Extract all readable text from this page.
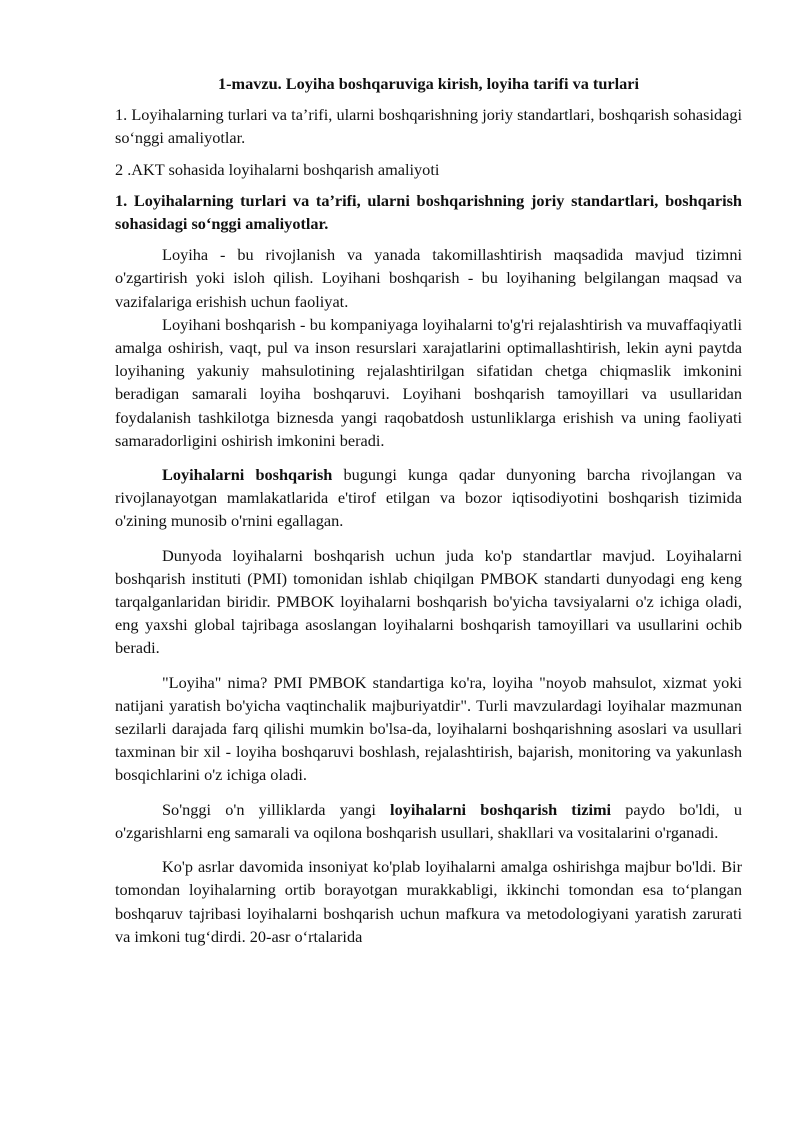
1-mavzu. Loyiha boshqaruviga kirish, loyiha tarifi va turlari
1. Loyihalarning turlari va ta’rifi, ularni boshqarishning joriy standartlari, boshqarish sohasidagi so‘nggi amaliyotlar.
2 .AKT sohasida loyihalarni boshqarish amaliyoti
1. Loyihalarning turlari va ta’rifi, ularni boshqarishning joriy standartlari, boshqarish sohasidagi so‘nggi amaliyotlar.

Loyiha - bu rivojlanish va yanada takomillashtirish maqsadida mavjud tizimni o'zgartirish yoki isloh qilish. Loyihani boshqarish - bu loyihaning belgilangan maqsad va vazifalariga erishish uchun faoliyat.

Loyihani boshqarish - bu kompaniyaga loyihalarni to'g'ri rejalashtirish va muvaffaqiyatli amalga oshirish, vaqt, pul va inson resurslari xarajatlarini optimallashtirish, lekin ayni paytda loyihaning yakuniy mahsulotining rejalashtirilgan sifatidan chetga chiqmaslik imkonini beradigan samarali loyiha boshqaruvi. Loyihani boshqarish tamoyillari va usullaridan foydalanish tashkilotga biznesda yangi raqobatdosh ustunliklarga erishish va uning faoliyati samaradorligini oshirish imkonini beradi.

Loyihalarni boshqarish bugungi kunga qadar dunyoning barcha rivojlangan va rivojlanayotgan mamlakatlarida e'tirof etilgan va bozor iqtisodiyotini boshqarish tizimida o'zining munosib o'rnini egallagan.

Dunyoda loyihalarni boshqarish uchun juda ko'p standartlar mavjud. Loyihalarni boshqarish instituti (PMI) tomonidan ishlab chiqilgan PMBOK standarti dunyodagi eng keng tarqalganlaridan biridir. PMBOK loyihalarni boshqarish bo'yicha tavsiyalarni o'z ichiga oladi, eng yaxshi global tajribaga asoslangan loyihalarni boshqarish tamoyillari va usullarini ochib beradi.

"Loyiha" nima? PMI PMBOK standartiga ko'ra, loyiha "noyob mahsulot, xizmat yoki natijani yaratish bo'yicha vaqtinchalik majburiyatdir". Turli mavzulardagi loyihalar mazmunan sezilarli darajada farq qilishi mumkin bo'lsa-da, loyihalarni boshqarishning asoslari va usullari taxminan bir xil - loyiha boshqaruvi boshlash, rejalashtirish, bajarish, monitoring va yakunlash bosqichlarini o'z ichiga oladi.

So'nggi o'n yilliklarda yangi loyihalarni boshqarish tizimi paydo bo'ldi, u o'zgarishlarni eng samarali va oqilona boshqarish usullari, shakllari va vositalarini o'rganadi.

Ko'p asrlar davomida insoniyat ko'plab loyihalarni amalga oshirishga majbur bo'ldi. Bir tomondan loyihalarning ortib borayotgan murakkabligi, ikkinchi tomondan esa to‘plangan boshqaruv tajribasi loyihalarni boshqarish uchun mafkura va metodologiyani yaratish zarurati va imkoni tug‘dirdi. 20-asr o‘rtalarida
